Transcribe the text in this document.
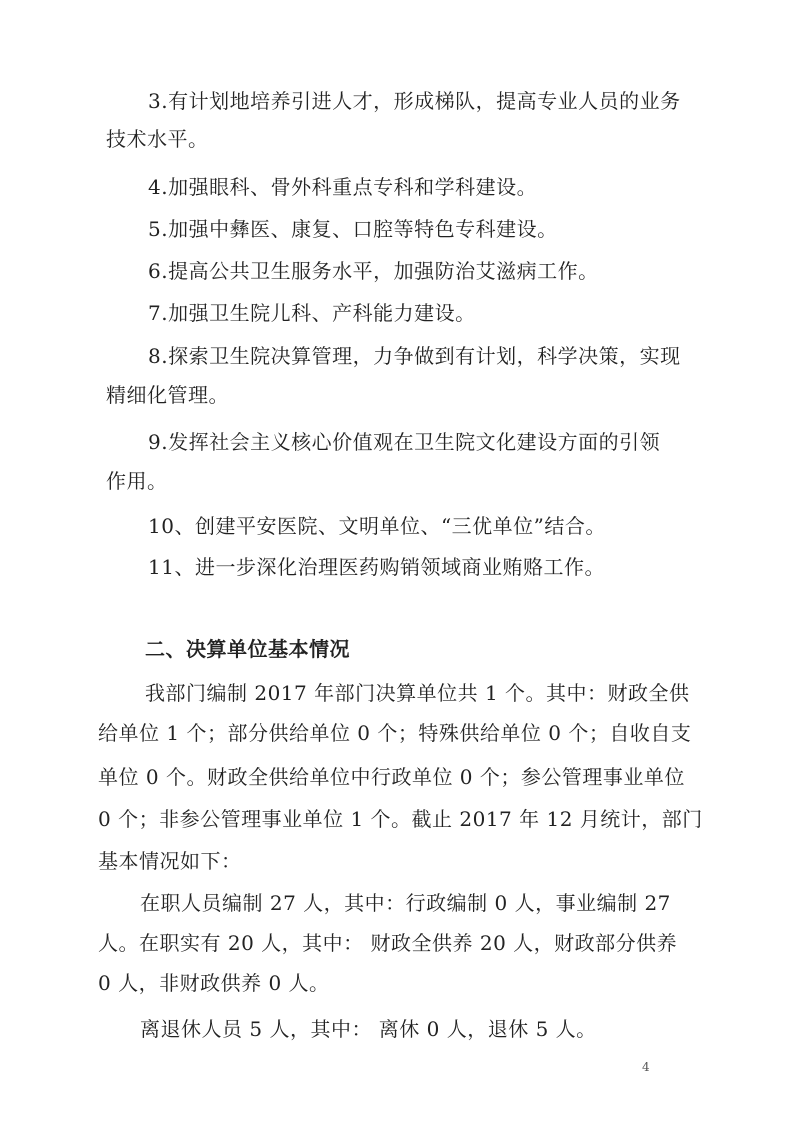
3.有计划地培养引进人才，形成梯队，提高专业人员的业务
技术水平。
4.加强眼科、骨外科重点专科和学科建设。
5.加强中彝医、康复、口腔等特色专科建设。
6.提高公共卫生服务水平，加强防治艾滋病工作。
7.加强卫生院儿科、产科能力建设。
8.探索卫生院决算管理，力争做到有计划，科学决策，实现
精细化管理。
9.发挥社会主义核心价值观在卫生院文化建设方面的引领
作用。
10、创建平安医院、文明单位、“三优单位”结合。
11、进一步深化治理医药购销领域商业贿赂工作。
二、决算单位基本情况
我部门编制 2017 年部门决算单位共 1 个。其中：财政全供
给单位 1 个；部分供给单位 0 个；特殊供给单位 0 个；自收自支
单位 0 个。财政全供给单位中行政单位 0 个；参公管理事业单位
0 个；非参公管理事业单位 1 个。截止 2017 年 12 月统计，部门
基本情况如下：
在职人员编制 27 人，其中：行政编制 0 人，事业编制 27
人。在职实有 20 人，其中： 财政全供养 20 人，财政部分供养
0 人，非财政供养 0 人。
离退休人员 5 人，其中： 离休 0 人，退休 5 人。
4
